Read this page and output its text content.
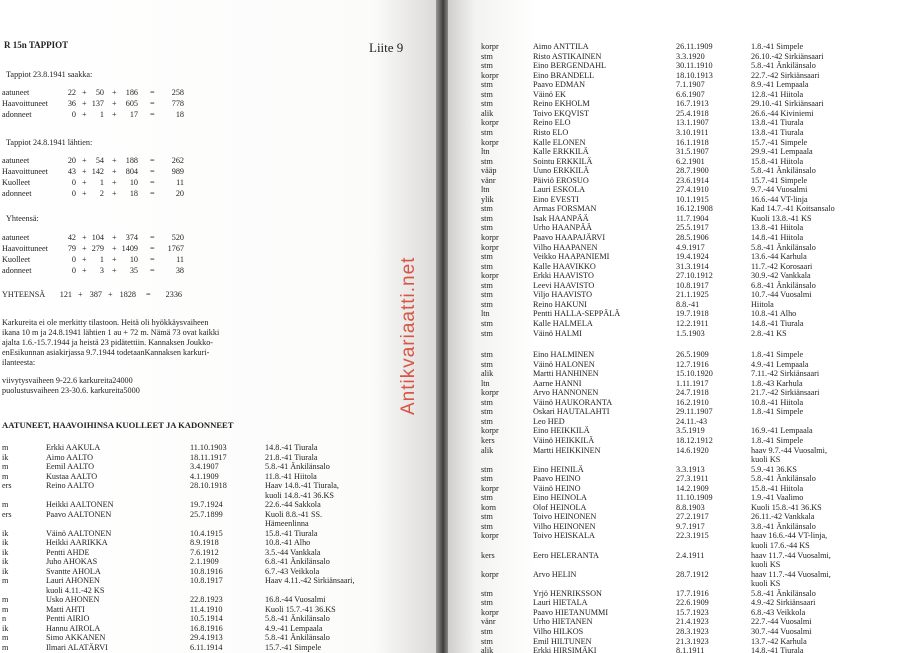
R 15n TAPPIOT	Liite 9
Tappiot 23.8.1941 saakka:
aatuneet	22 +	50 +	186 =	258
Haavoittuneet	36 + 137 +	605 =	778
adonneet	0 +	1 +	17 =	18
Tappiot 24.8.1941 lähtien:
aatuneet	20 +	54 +	188 =	262
Haavoittuneet	43 + 142 +	804 =	989
Kuolleet	0 +	1 +	10 =	11
adonneet	0 +	2 +	18 =	20
Yhteensä:
aatuneet	42 + 104 +	374 =	520
Haavoittuneet	79 + 279 + 1409 =	1767
Kuolleet	0 +	1 +	10 =	11
adonneet	0 +	3 +	35 =	38
YHTEENSÄ	121 + 387 + 1828 =	2336
Karkureita ei ole merkitty tilastoon. Heitä oli hyökkäysvaiheen
ikana 10 m ja 24.8.1941 lähtien 1 au + 72 m. Nämä 73 ovat kaikki
ajalta 1.6.-15.7.1944 ja heistä 23 pidätettiin. Kannaksen Joukko-
enEsikunnan asiakirjassa 9.7.1944 todetaanKannaksen karkuri-
ilanteesta:
viivytysvaiheen 9-22.6 karkureita24000
puolustusvaiheen 23-30.6. karkureita5000
AATUNEET, HAAVOIHINSA KUOLLEET JA KADONNEET
m	Erkki AAKULA	11.10.1903	14.8.-41 Tiurala
ik	Aimo AALTO	18.11.1917	21.8.-41 Tiurala
m	Eemil AALTO	3.4.1907	5.8.-41 Änkilänsalo
m	Kustaa AALTO	4.1.1909	11.8.-41 Hiitola
ers	Reino AALTO	28.10.1918	Haav 14.8.-41 Tiurala,
kuoli 14.8.-41 36.KS
m	Heikki AALTONEN	19.7.1924	22.6.-44 Sakkola
ers	Paavo AALTONEN	25.7.1899	Kuoli 8.8.-41 SS.
Hämeenlinna
ik	Väinö AALTONEN	10.4.1915	15.8.-41 Tiurala
ik	Heikki AARIKKA	8.9.1918	10.8.-41 Alho
ik	Pentti AHDE	7.6.1912	3.5.-44 Vankkala
ik	Juho AHOKAS	2.1.1909	6.8.-41 Änkilänsalo
ik	Svantte AHOLA	10.8.1916	6.7.-43 Veikkola
m	Lauri AHONEN	10.8.1917	Haav 4.11.-42 Sirkiänsaari,
kuoli 4.11.-42 KS
m	Usko AHONEN	22.8.1923	16.8.-44 Vuosalmi
m	Matti AHTI	11.4.1910	Kuoli 15.7.-41 36.KS
n	Pentti AIRIO	10.5.1914	5.8.-41 Änkilänsalo
ik	Hannu AIROLA	16.8.1916	4.9.-41 Lempaala
m	Simo AKKANEN	29.4.1913	5.8.-41 Änkilänsalo
m	Ilmari ALATÄRVI	6.11.1914	15.7.-41 Simpele
korpr	Aimo ANTTILA	26.11.1909	1.8.-41 Simpele
stm	Risto ASTIKAINEN	3.3.1920	26.10.-42 Sirkiänsaari
stm	Eino BERGENDAHL	30.11.1910	5.8.-41 Änkilänsalo
korpr	Eino BRANDELL	18.10.1913	22.7.-42 Sirkiänsaari
stm	Paavo EDMAN	7.1.1907	8.9.-41 Lempaala
stm	Väinö EK	6.6.1907	12.8.-41 Hiitola
stm	Reino EKHOLM	16.7.1913	29.10.-41 Sirkiänsaari
alik	Toivo EKQVIST	25.4.1918	26.6.-44 Kiviniemi
korpr	Reino ELO	13.1.1907	13.8.-41 Tiurala
stm	Risto ELO	3.10.1911	13.8.-41 Tiurala
korpr	Kalle ELONEN	16.1.1918	15.7.-41 Simpele
ltn	Kalle ERKKILÄ	31.5.1907	29.9.-41 Lempaala
stm	Sointu ERKKILÄ	6.2.1901	15.8.-41 Hiitola
vääp	Uuno ERKKILÄ	28.7.1900	5.8.-41 Änkilänsalo
vänr	Päiviö EROSUO	23.6.1914	15.7.-41 Simpele
ltn	Lauri ESKOLA	27.4.1910	9.7.-44 Vuosalmi
ylik	Eino EVESTI	10.1.1915	16.6.-44 VT-linja
stm	Armas FORSMAN	16.12.1908	Kad 14.7.-41 Koitsansalo
stm	Isak HAANPÄÄ	11.7.1904	Kuoli 13.8.-41 KS
stm	Urho HAANPÄÄ	25.5.1917	13.8.-41 Hiitola
korpr	Paavo HAAPAJÄRVI	28.5.1906	14.8.-41 Hiitola
korpr	Vilho HAAPANEN	4.9.1917	5.8.-41 Änkilänsalo
stm	Veikko HAAPANIEMI	19.4.1924	13.6.-44 Karhula
stm	Kalle HAAVIKKO	31.3.1914	11.7.-42 Korosaari
korpr	Erkki HAAVISTO	27.10.1912	30.9.-42 Vankkala
stm	Leevi HAAVISTO	10.8.1917	6.8.-41 Änkilänsalo
stm	Viljo HAAVISTO	21.1.1925	10.7.-44 Vuosalmi
stm	Reino HAKUNI	8.8.-41	Hiitola
ltn	Pentti HALLA-SEPPÄLÄ	19.7.1918	10.8.-41 Alho
stm	Kalle HALMELA	12.2.1911	14.8.-41 Tiurala
stm	Väinö HALMI	1.5.1903	2.8.-41 KS
stm	Eino HALMINEN	26.5.1909	1.8.-41 Simpele
stm	Väinö HALONEN	12.7.1916	4.9.-41 Lempaala
alik	Martti HANHINEN	15.10.1920	7.11.-42 Sirkiänsaari
ltn	Aarne HANNI	1.11.1917	1.8.-43 Karhula
korpr	Arvo HANNONEN	24.7.1918	21.7.-42 Sirkiänsaari
stm	Väinö HAUKORANTA	16.2.1910	10.8.-41 Hiitola
stm	Oskari HAUTALAHTI	29.11.1907	1.8.-41 Simpele
stm	Leo HED	24.11.-43
korpr	Eino HEIKKILÄ	3.5.1919	16.9.-41 Lempaala
kers	Väinö HEIKKILÄ	18.12.1912	1.8.-41 Simpele
alik	Martti HEIKKINEN	14.6.1920	haav 9.7.-44 Vuosalmi,
kuoli KS
stm	Eino HEINILÄ	3.3.1913	5.9.-41 36.KS
stm	Paavo HEINO	27.3.1911	5.8.-41 Änkilänsalo
korpr	Väinö HEINO	14.2.1909	15.8.-41 Hiitola
stm	Eino HEINOLA	11.10.1909	1.9.-41 Vaalimo
korn	Olof HEINOLA	8.8.1903	Kuoli 15.8.-41 36.KS
stm	Toivo HEINONEN	27.2.1917	26.11.-42 Vankkala
stm	Vilho HEINONEN	9.7.1917	3.8.-41 Änkilänsalo
korpr	Toivo HEISKALA	22.3.1915	haav 16.6.-44 VT-linja,
kuoli 17.6.-44 KS
kers	Eero HELERANTA	2.4.1911	haav 11.7.-44 Vuosalmi,
kuoli KS
korpr	Arvo HELIN	28.7.1912	haav 11.7.-44 Vuosalmi,
kuoli KS
stm	Yrjö HENRIKSSON	17.7.1916	5.8.-41 Änkilänsalo
stm	Lauri HIETALA	22.6.1909	4.9.-42 Sirkiänsaari
korpr	Paavo HIETANUMMI	15.7.1923	6.8.-43 Veikkola
vänr	Urho HIETANEN	21.4.1923	22.7.-44 Vuosalmi
stm	Vilho HILKOS	28.3.1923	30.7.-44 Vuosalmi
stm	Emil HILTUNEN	21.3.1923	13.7.-42 Karhula
alik	Erkki HIRSIMÄKI	8.1.1911	14.8.-41 Tiurala
Antikvariaatti.net
